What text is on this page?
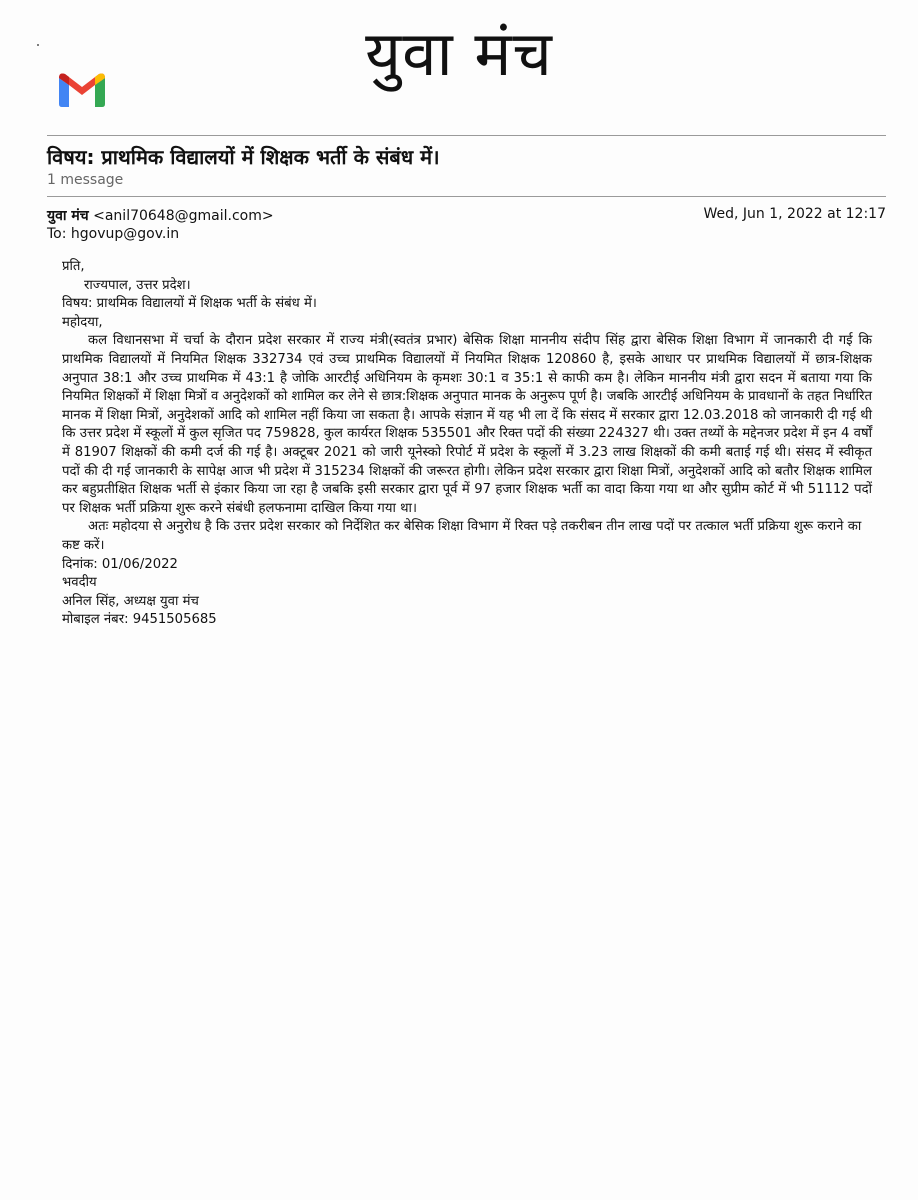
युवा मंच
विषय: प्राथमिक विद्यालयों में शिक्षक भर्ती के संबंध में।
1 message
युवा मंच <anil70648@gmail.com>	Wed, Jun 1, 2022 at 12:17
To: hgovup@gov.in
प्रति,
राज्यपाल, उत्तर प्रदेश।
विषय: प्राथमिक विद्यालयों में शिक्षक भर्ती के संबंध में।
महोदया,
कल विधानसभा में चर्चा के दौरान प्रदेश सरकार में राज्य मंत्री(स्वतंत्र प्रभार) बेसिक शिक्षा माननीय संदीप सिंह द्वारा बेसिक शिक्षा विभाग में जानकारी दी गई कि प्राथमिक विद्यालयों में नियमित शिक्षक 332734 एवं उच्च प्राथमिक विद्यालयों में नियमित शिक्षक 120860 है, इसके आधार पर प्राथमिक विद्यालयों में छात्र-शिक्षक अनुपात 38:1 और उच्च प्राथमिक में 43:1 है जोकि आरटीई अधिनियम के कृमशः 30:1 व 35:1 से काफी कम है। लेकिन माननीय मंत्री द्वारा सदन में बताया गया कि नियमित शिक्षकों में शिक्षा मित्रों व अनुदेशकों को शामिल कर लेने से छात्र:शिक्षक अनुपात मानक के अनुरूप पूर्ण है। जबकि आरटीई अधिनियम के प्रावधानों के तहत निर्धारित मानक में शिक्षा मित्रों, अनुदेशकों आदि को शामिल नहीं किया जा सकता है। आपके संज्ञान में यह भी ला दें कि संसद में सरकार द्वारा 12.03.2018 को जानकारी दी गई थी कि उत्तर प्रदेश में स्कूलों में कुल सृजित पद 759828, कुल कार्यरत शिक्षक 535501 और रिक्त पदों की संख्या 224327 थी। उक्त तथ्यों के मद्देनजर प्रदेश में इन 4 वर्षों में 81907 शिक्षकों की कमी दर्ज की गई है। अक्टूबर 2021 को जारी यूनेस्को रिपोर्ट में प्रदेश के स्कूलों में 3.23 लाख शिक्षकों की कमी बताई गई थी। संसद में स्वीकृत पदों की दी गई जानकारी के सापेक्ष आज भी प्रदेश में 315234 शिक्षकों की जरूरत होगी। लेकिन प्रदेश सरकार द्वारा शिक्षा मित्रों, अनुदेशकों आदि को बतौर शिक्षक शामिल कर बहुप्रतीक्षित शिक्षक भर्ती से इंकार किया जा रहा है जबकि इसी सरकार द्वारा पूर्व में 97 हजार शिक्षक भर्ती का वादा किया गया था और सुप्रीम कोर्ट में भी 51112 पदों पर शिक्षक भर्ती प्रक्रिया शुरू करने संबंधी हलफनामा दाखिल किया गया था।
अतः महोदया से अनुरोध है कि उत्तर प्रदेश सरकार को निर्देशित कर बेसिक शिक्षा विभाग में रिक्त पड़े तकरीबन तीन लाख पदों पर तत्काल भर्ती प्रक्रिया शुरू कराने का कष्ट करें।
दिनांक: 01/06/2022
भवदीय
अनिल सिंह, अध्यक्ष युवा मंच
मोबाइल नंबर: 9451505685
